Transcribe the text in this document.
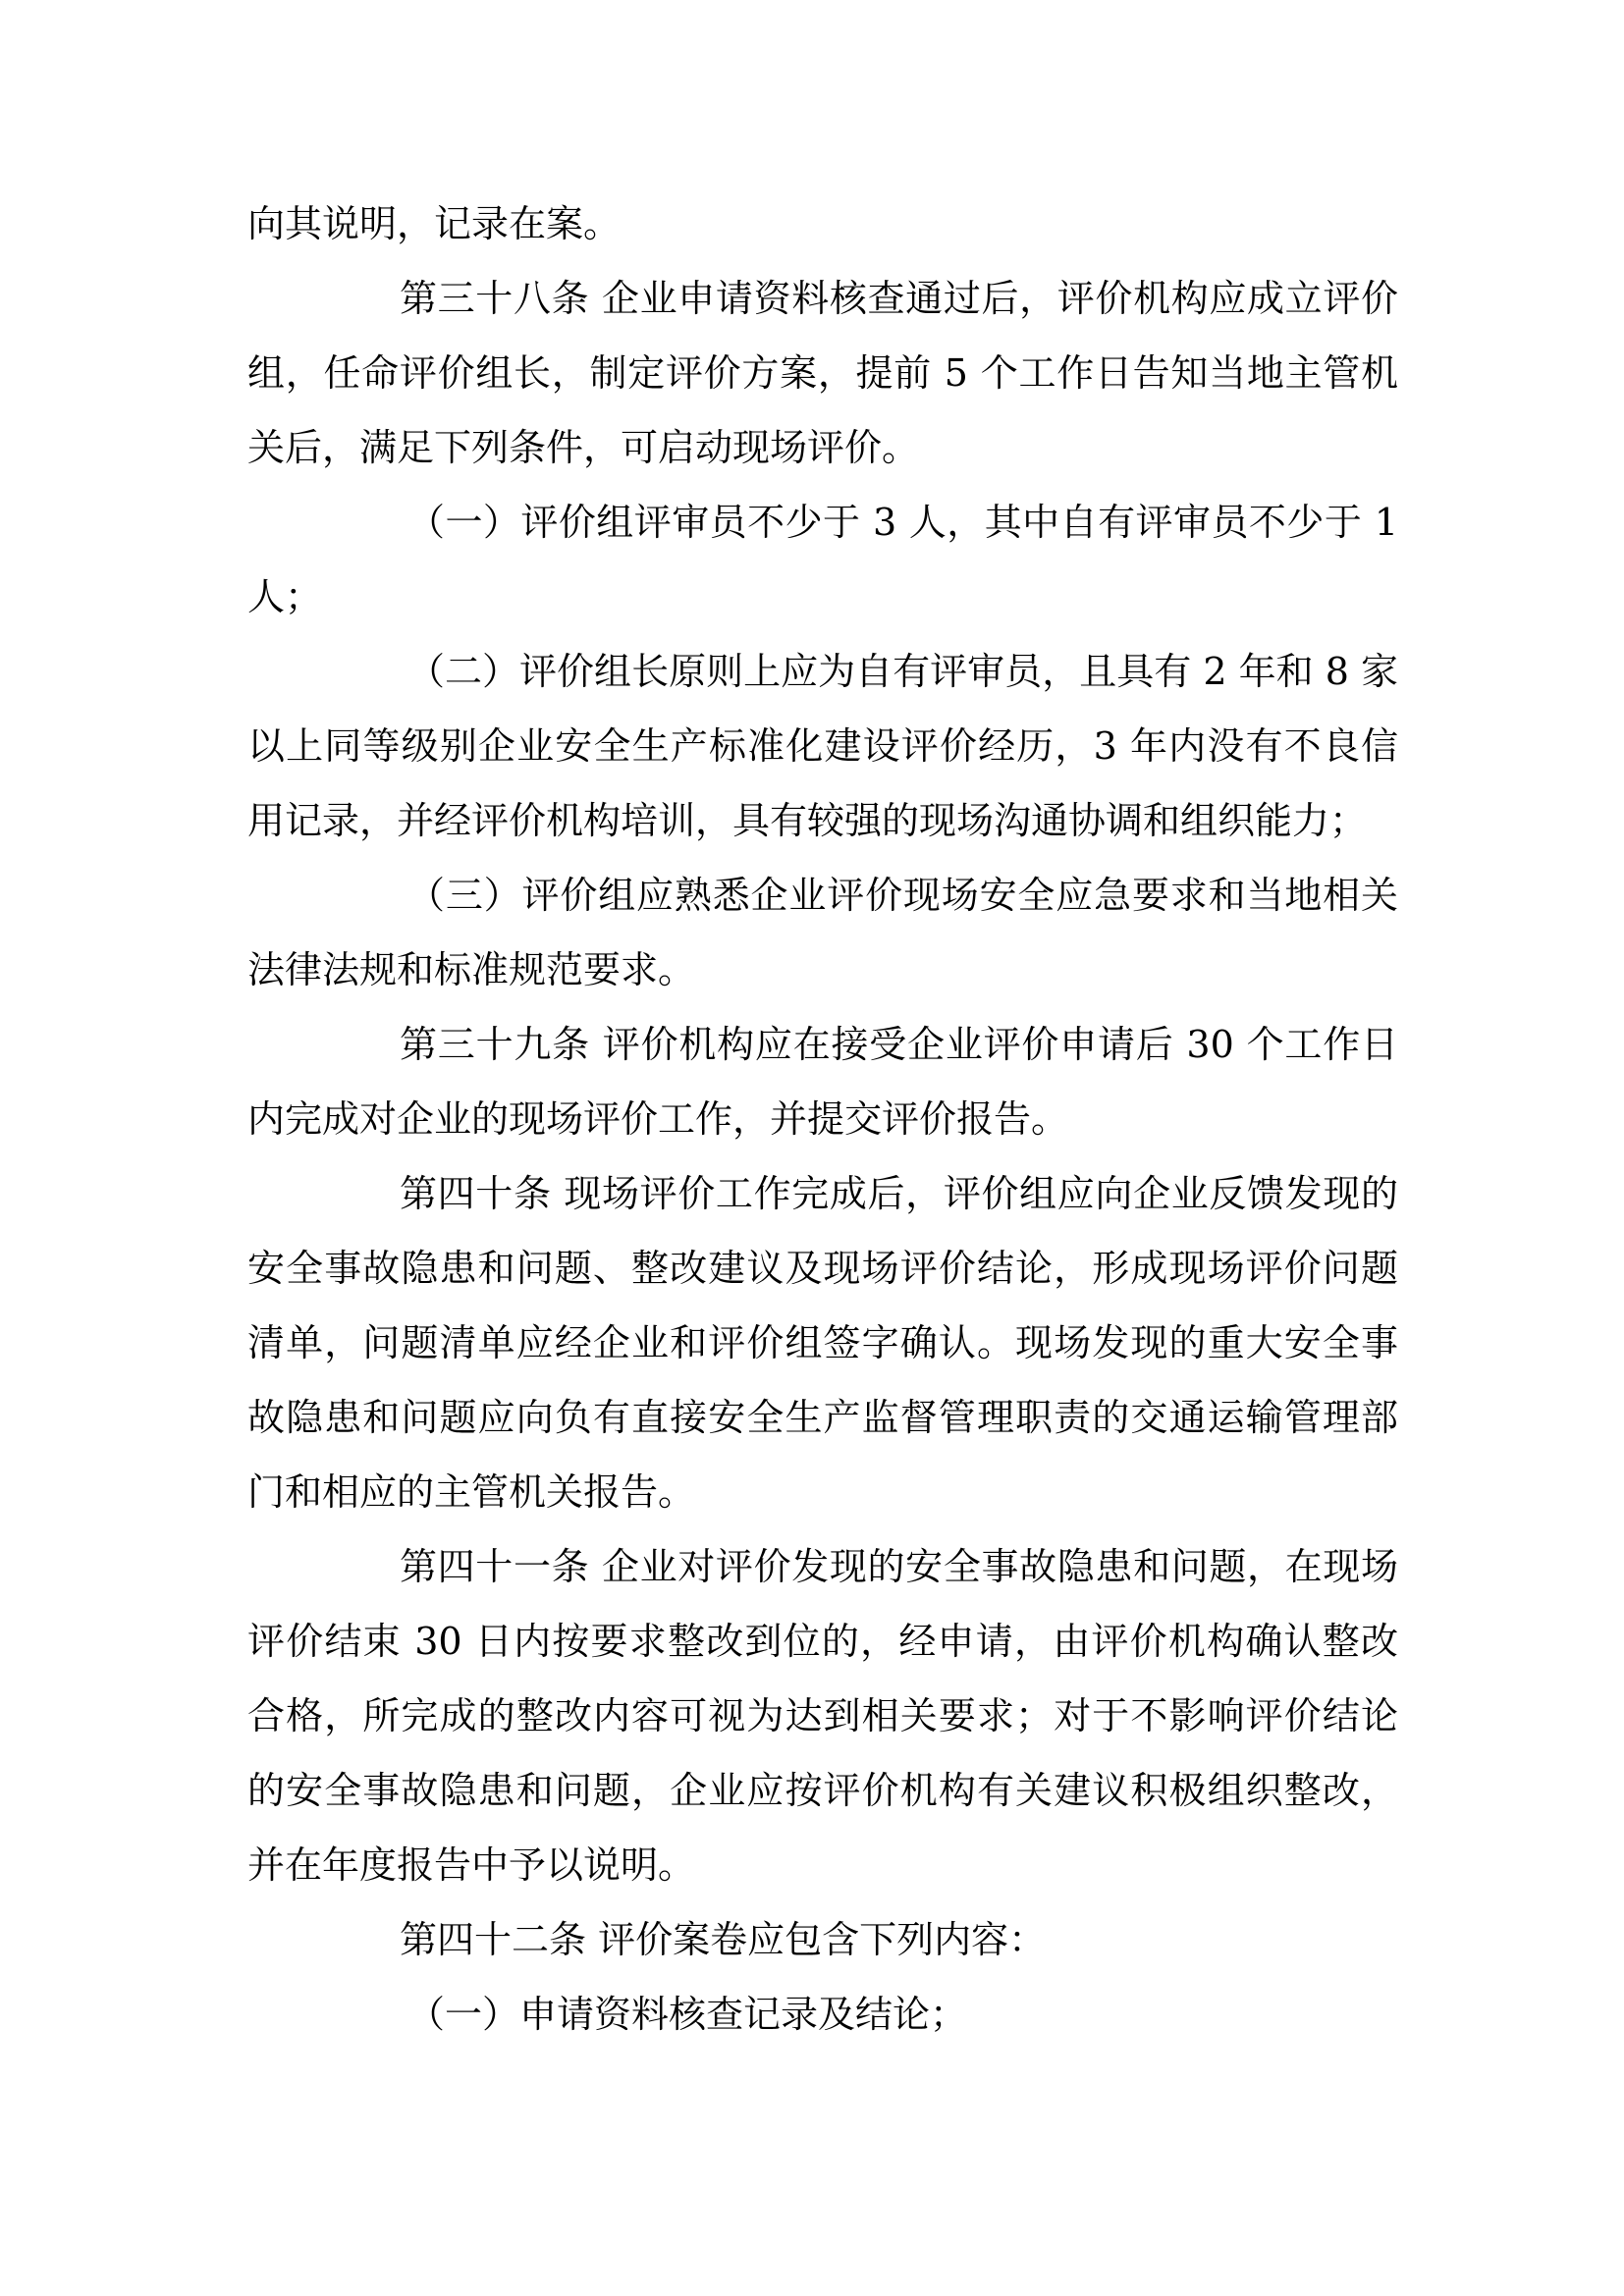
向其说明，记录在案。

第三十八条 企业申请资料核查通过后，评价机构应成立评价组，任命评价组长，制定评价方案，提前 5 个工作日告知当地主管机关后，满足下列条件，可启动现场评价。

（一）评价组评审员不少于 3 人，其中自有评审员不少于 1 人；

（二）评价组长原则上应为自有评审员，且具有 2 年和 8 家以上同等级别企业安全生产标准化建设评价经历，3 年内没有不良信用记录，并经评价机构培训，具有较强的现场沟通协调和组织能力；

（三）评价组应熟悉企业评价现场安全应急要求和当地相关法律法规和标准规范要求。

第三十九条 评价机构应在接受企业评价申请后 30 个工作日内完成对企业的现场评价工作，并提交评价报告。

第四十条 现场评价工作完成后，评价组应向企业反馈发现的安全事故隐患和问题、整改建议及现场评价结论，形成现场评价问题清单，问题清单应经企业和评价组签字确认。现场发现的重大安全事故隐患和问题应向负有直接安全生产监督管理职责的交通运输管理部门和相应的主管机关报告。

第四十一条 企业对评价发现的安全事故隐患和问题，在现场评价结束 30 日内按要求整改到位的，经申请，由评价机构确认整改合格，所完成的整改内容可视为达到相关要求；对于不影响评价结论的安全事故隐患和问题，企业应按评价机构有关建议积极组织整改，并在年度报告中予以说明。

第四十二条 评价案卷应包含下列内容：

（一）申请资料核查记录及结论；
